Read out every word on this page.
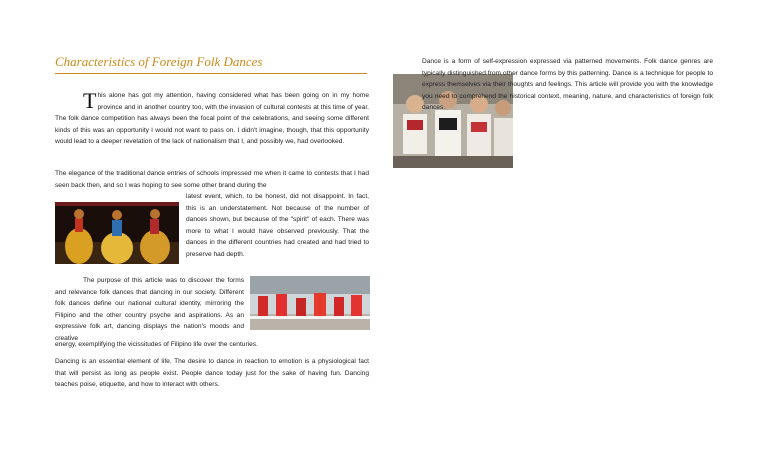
Characteristics of Foreign Folk Dances

T his alone has got my attention, having considered what has been going on in my home province and in another country too, with the invasion of cultural contests at this time of year. The folk dance competition has always been the focal point of the celebrations, and seeing some different kinds of this was an opportunity I would not want to pass on. I didn't imagine, though, that this opportunity would lead to a deeper revelation of the lack of nationalism that I, and possibly we, had overlooked.

The elegance of the traditional dance entries of schools impressed me when it came to contests that I had seen back then, and so I was hoping to see some other brand during the

latest event, which, to be honest, did not disappoint. In fact, this is an understatement. Not because of the number of dances shown, but because of the "spirit" of each. There was more to what I would have observed previously. That the dances in the different countries had created and had tried to preserve had depth.

The purpose of this article was to discover the forms and relevance folk dances that dancing in our society. Different folk dances define our national cultural identity, mirroring the Filipino and the other country psyche and aspirations. As an expressive folk art, dancing displays the nation's moods and creative

energy, exemplifying the vicissitudes of Filipino life over the centuries.

Dancing is an essential element of life. The desire to dance in reaction to emotion is a physiological fact that will persist as long as people exist. People dance today just for the sake of having fun. Dancing teaches poise, etiquette, and how to interact with others.

Dance is a form of self-expression expressed via patterned movements. Folk dance genres are typically distinguished from other dance forms by this patterning. Dance is a technique for people to express themselves via their thoughts and feelings. This article will provide you with the knowledge you need to comprehend the historical context, meaning, nature, and characteristics of foreign folk dances.
